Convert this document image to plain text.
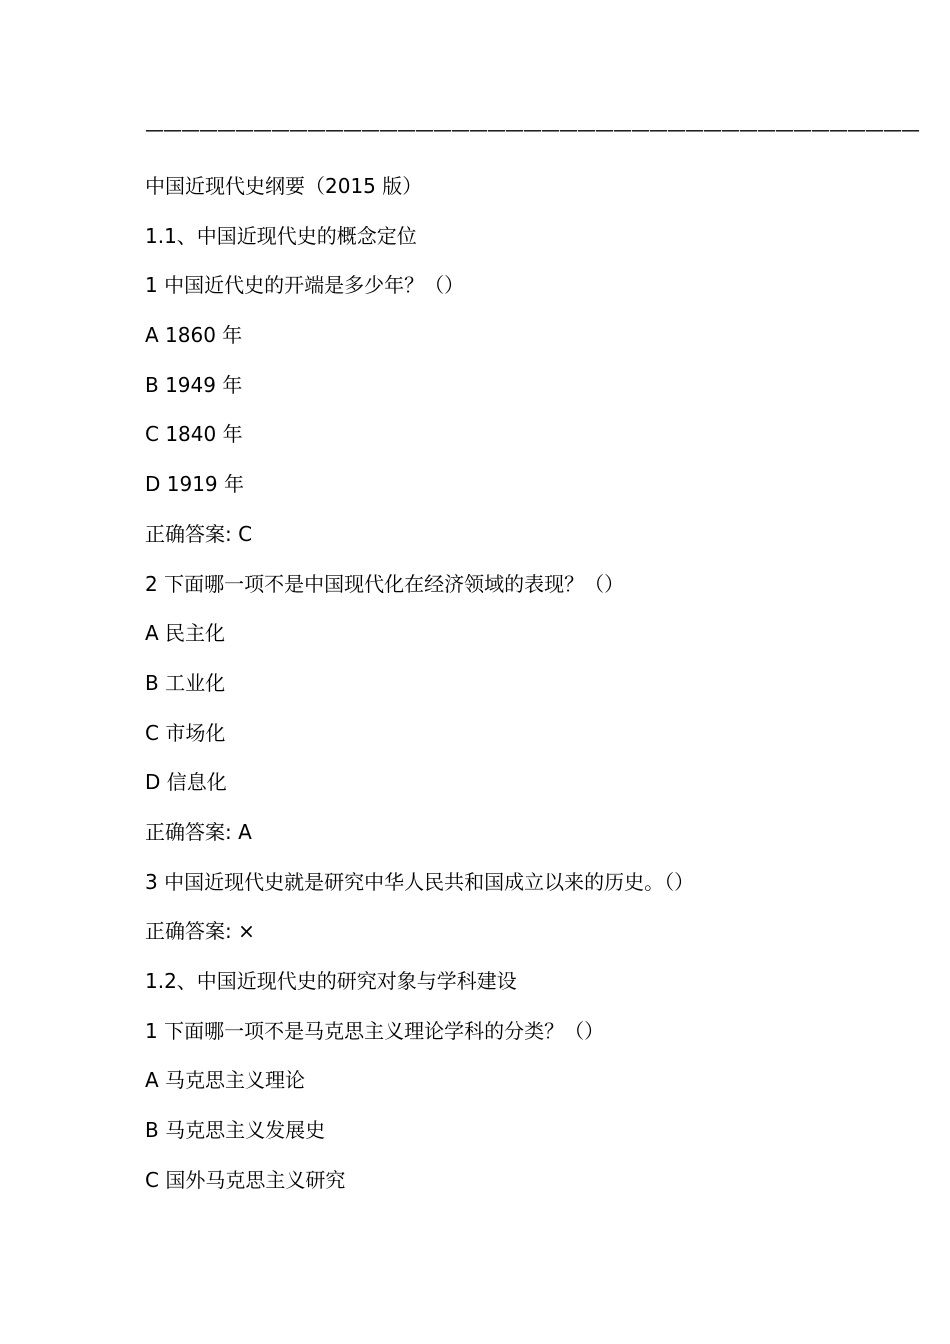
———————————————————————————————————————————
中国近现代史纲要（2015 版）
1.1、中国近现代史的概念定位
1 中国近代史的开端是多少年？（）
A 1860 年
B 1949 年
C 1840 年
D 1919 年
正确答案: C
2 下面哪一项不是中国现代化在经济领域的表现？（）
A 民主化
B 工业化
C 市场化
D 信息化
正确答案: A
3 中国近现代史就是研究中华人民共和国成立以来的历史。（）
正确答案: ×
1.2、中国近现代史的研究对象与学科建设
1 下面哪一项不是马克思主义理论学科的分类？（）
A 马克思主义理论
B 马克思主义发展史
C 国外马克思主义研究
